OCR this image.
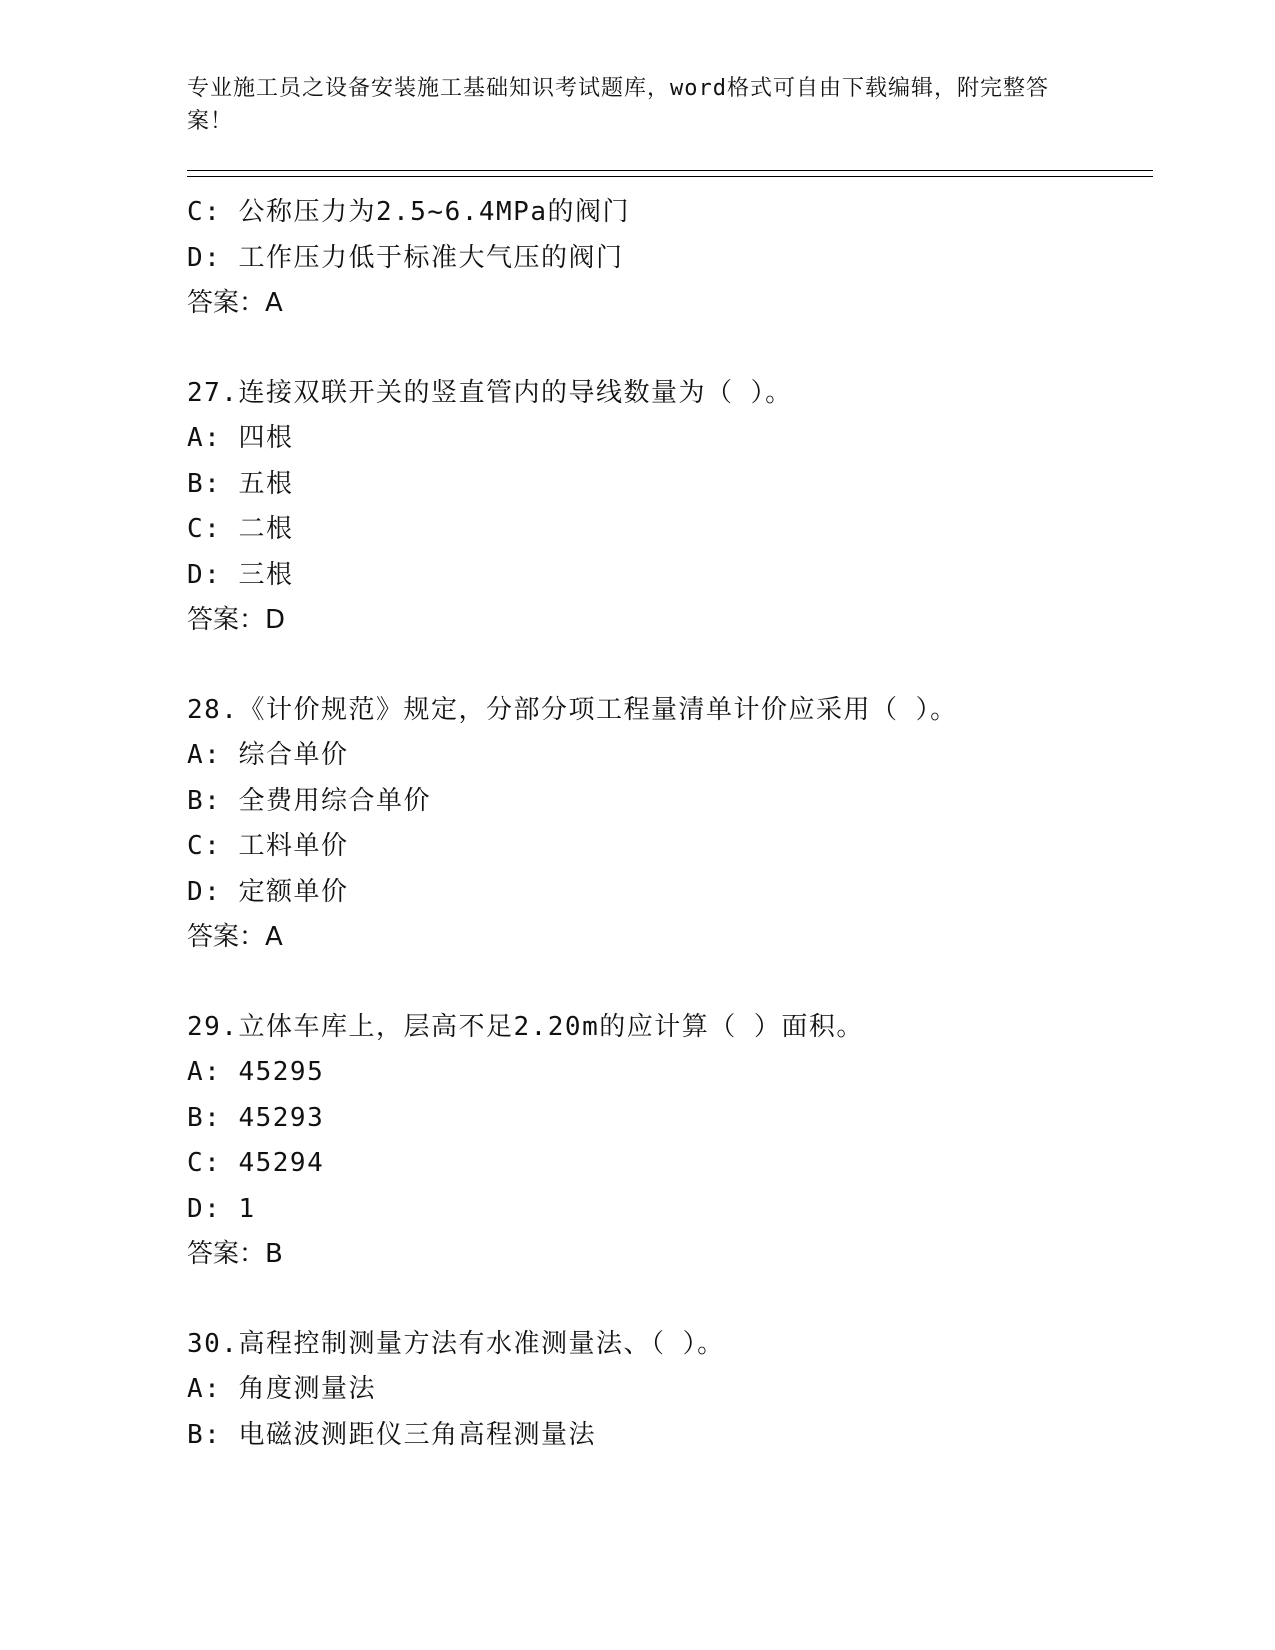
专业施工员之设备安装施工基础知识考试题库，word格式可自由下载编辑，附完整答案！
C: 公称压力为2.5~6.4MPa的阀门
D: 工作压力低于标准大气压的阀门
答案：A
27.连接双联开关的竖直管内的导线数量为（ ）。
A: 四根
B: 五根
C: 二根
D: 三根
答案：D
28.《计价规范》规定，分部分项工程量清单计价应采用（ ）。
A: 综合单价
B: 全费用综合单价
C: 工料单价
D: 定额单价
答案：A
29.立体车库上，层高不足2.20m的应计算（ ）面积。
A: 45295
B: 45293
C: 45294
D: 1
答案：B
30.高程控制测量方法有水准测量法、（ ）。
A: 角度测量法
B: 电磁波测距仪三角高程测量法
